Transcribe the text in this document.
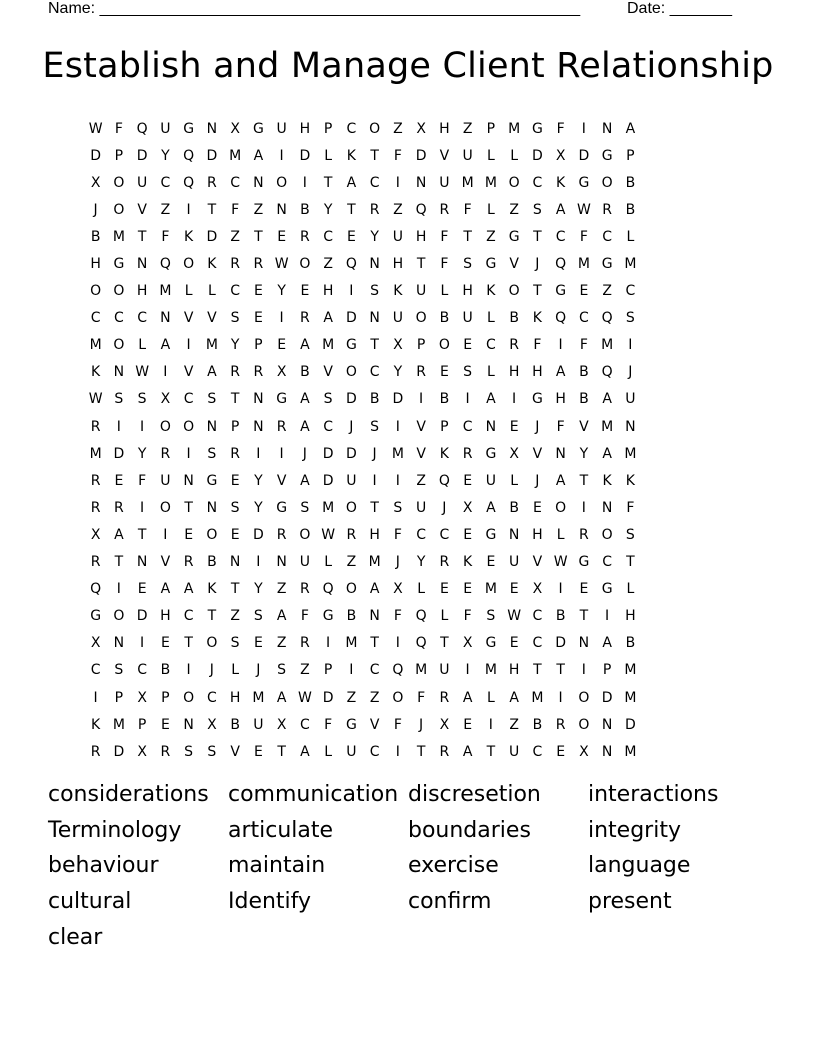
Name: ______________________________________________________	Date: _______
Establish and Manage Client Relationship
W F Q U G N X G U H P	C O Z X H Z	P M G F	I	N A
D P D Y Q D M A	I	D L	K	T	F D V U	L	L D X D G P
X O U C Q R C N O	I	T	A C	I	N U M M O C K G O B
J	O V Z	I	T	F	Z N B	Y	T	R Z Q R	F	L	Z	S	A W R B
B M T	F	K D Z	T	E R C E	Y U H F	T	Z G T	C	F	C	L
H G N Q O K R R W O Z Q N H T	F	S G V	J	Q M G M
O O H M L	L	C E	Y	E H	I	S	K U	L	H K O T G E	Z C
C C C N V V	S	E	I	R A D N U O B U	L	B K Q C Q S
M O L	A	I	M Y	P	E	A M G T	X	P O E C R	F	I	F M	I
K N W	I	V A R R X B V O C	Y	R E	S	L	H H A B Q	J
W S	S	X C S	T N G A	S D B D	I	B	I	A	I	G H B A U
R	I	I	O O N P N R A C	J	S	I	V	P	C N E	J	F	V M N
M D Y	R	I	S R	I	I	J	D D	J	M V K R G X V N Y	A M
R E	F	U N G E	Y	V A D U	I	I	Z Q E U	L	J	A	T	K	K
R R	I	O T N S	Y G S M O T	S U	J	X A B	E O	I	N F
X A	T	I	E O E D R O W R H F	C C E G N H	L	R O S
R	T N V R B N	I	N U	L	Z M	J	Y	R K	E U V W G C	T
Q	I	E	A A K	T	Y	Z R Q O A X	L	E	E M E	X	I	E G L
G O D H C	T	Z	S	A	F G B N F Q L	F	S W C B	T	I	H
X N	I	E	T O S	E	Z R	I	M T	I	Q T	X G E C D N A B
C S C B	I	J	L	J	S	Z	P	I	C Q M U	I	M H T	T	I	P M
I	P	X	P O C H M A W D Z Z O F	R A	L	A M	I	O D M
K M P	E N X B U X C	F G V	F	J	X	E	I	Z B R O N D
R D X R S	S	V	E	T	A	L	U C	I	T	R A	T U C E	X N M
considerations communication discresetion	interactions
Terminology	articulate	boundaries	integrity
behaviour	maintain	exercise	language
cultural	Identify	confirm	present
clear
